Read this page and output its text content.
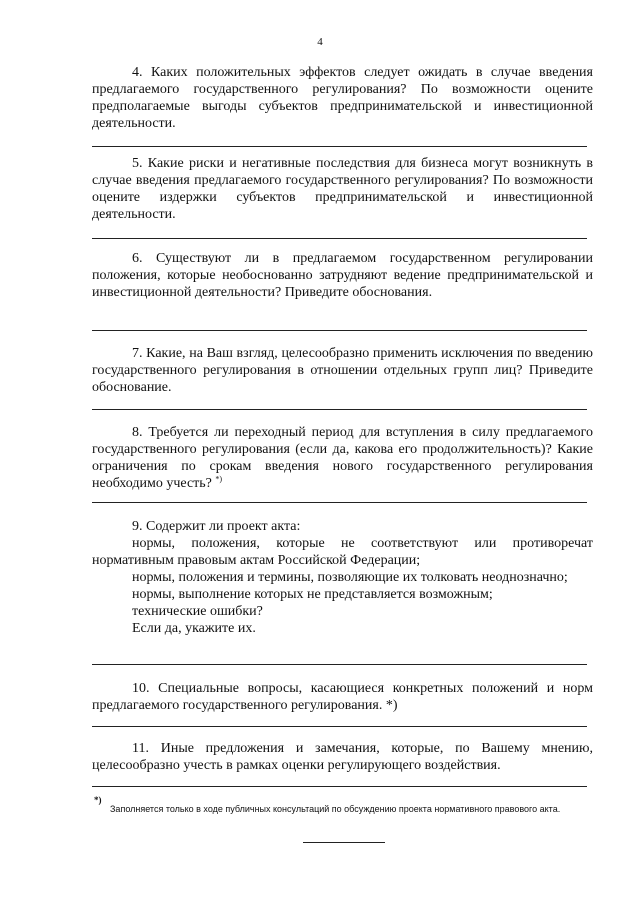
4

4. Каких положительных эффектов следует ожидать в случае введения предлагаемого государственного регулирования? По возможности оцените предполагаемые выгоды субъектов предпринимательской и инвестиционной деятельности.

5. Какие риски и негативные последствия для бизнеса могут возникнуть в случае введения предлагаемого государственного регулирования? По возможности оцените издержки субъектов предпринимательской и инвестиционной деятельности.

6. Существуют ли в предлагаемом государственном регулировании положения, которые необоснованно затрудняют ведение предпринимательской и инвестиционной деятельности? Приведите обоснования.

7. Какие, на Ваш взгляд, целесообразно применить исключения по введению государственного регулирования в отношении отдельных групп лиц? Приведите обоснование.

8. Требуется ли переходный период для вступления в силу предлагаемого государственного регулирования (если да, какова его продолжительность)? Какие ограничения по срокам введения нового государственного регулирования необходимо учесть? *)

9. Содержит ли проект акта:

нормы, положения, которые не соответствуют или противоречат нормативным правовым актам Российской Федерации;

нормы, положения и термины, позволяющие их толковать неоднозначно;

нормы, выполнение которых не представляется возможным;

технические ошибки?

Если да, укажите их.

10. Специальные вопросы, касающиеся конкретных положений и норм предлагаемого государственного регулирования. *)

11. Иные предложения и замечания, которые, по Вашему мнению, целесообразно учесть в рамках оценки регулирующего воздействия.

*)
Заполняется только в ходе публичных консультаций по обсуждению проекта нормативного правового акта.
